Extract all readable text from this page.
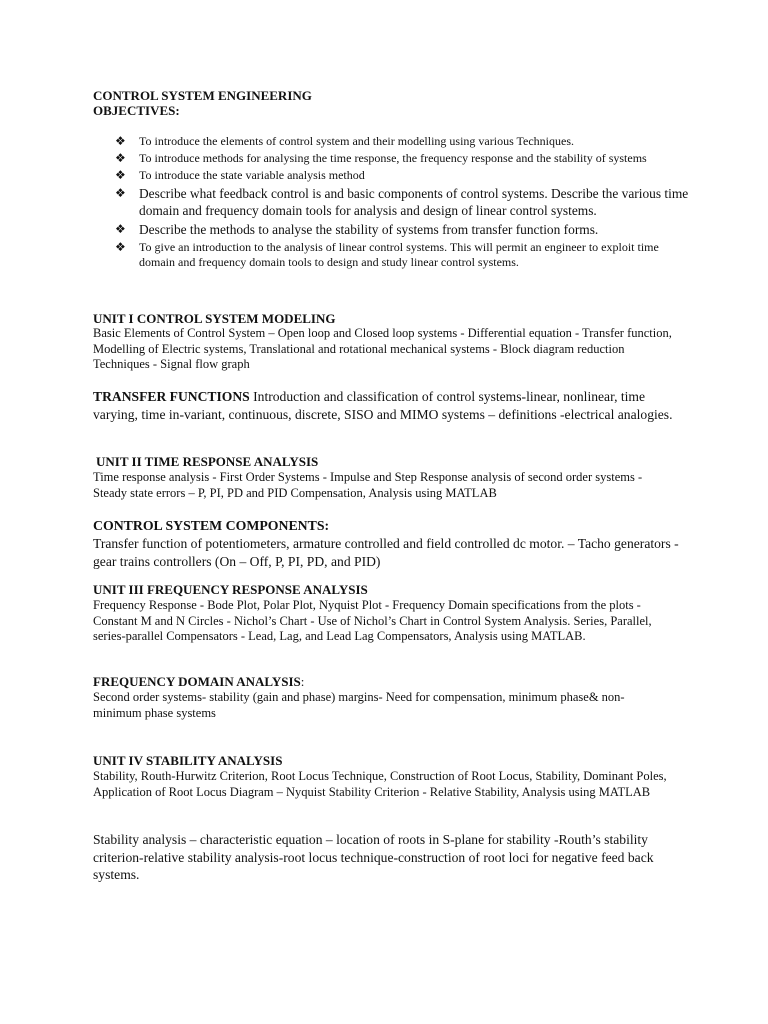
CONTROL SYSTEM ENGINEERING
OBJECTIVES:
❖ To introduce the elements of control system and their modelling using various Techniques.
❖ To introduce methods for analysing the time response, the frequency response and the stability of systems
❖ To introduce the state variable analysis method
❖ Describe what feedback control is and basic components of control systems. Describe the various time domain and frequency domain tools for analysis and design of linear control systems.
❖ Describe the methods to analyse the stability of systems from transfer function forms.
❖ To give an introduction to the analysis of linear control systems. This will permit an engineer to exploit time domain and frequency domain tools to design and study linear control systems.
UNIT I CONTROL SYSTEM MODELING

Basic Elements of Control System – Open loop and Closed loop systems - Differential equation - Transfer function, Modelling of Electric systems, Translational and rotational mechanical systems - Block diagram reduction Techniques - Signal flow graph

TRANSFER FUNCTIONS Introduction and classification of control systems-linear, nonlinear, time varying, time in-variant, continuous, discrete, SISO and MIMO systems – definitions -electrical analogies.

UNIT II TIME RESPONSE ANALYSIS

Time response analysis - First Order Systems - Impulse and Step Response analysis of second order systems - Steady state errors – P, PI, PD and PID Compensation, Analysis using MATLAB

CONTROL SYSTEM COMPONENTS:

Transfer function of potentiometers, armature controlled and field controlled dc motor. – Tacho generators -gear trains controllers (On – Off, P, PI, PD, and PID)

UNIT III FREQUENCY RESPONSE ANALYSIS

Frequency Response - Bode Plot, Polar Plot, Nyquist Plot - Frequency Domain specifications from the plots - Constant M and N Circles - Nichol’s Chart - Use of Nichol’s Chart in Control System Analysis. Series, Parallel, series-parallel Compensators - Lead, Lag, and Lead Lag Compensators, Analysis using MATLAB.

FREQUENCY DOMAIN ANALYSIS:

Second order systems- stability (gain and phase) margins- Need for compensation, minimum phase& non-minimum phase systems

UNIT IV STABILITY ANALYSIS

Stability, Routh-Hurwitz Criterion, Root Locus Technique, Construction of Root Locus, Stability, Dominant Poles, Application of Root Locus Diagram – Nyquist Stability Criterion - Relative Stability, Analysis using MATLAB

Stability analysis – characteristic equation – location of roots in S-plane for stability -Routh’s stability criterion-relative stability analysis-root locus technique-construction of root loci for negative feed back systems.
